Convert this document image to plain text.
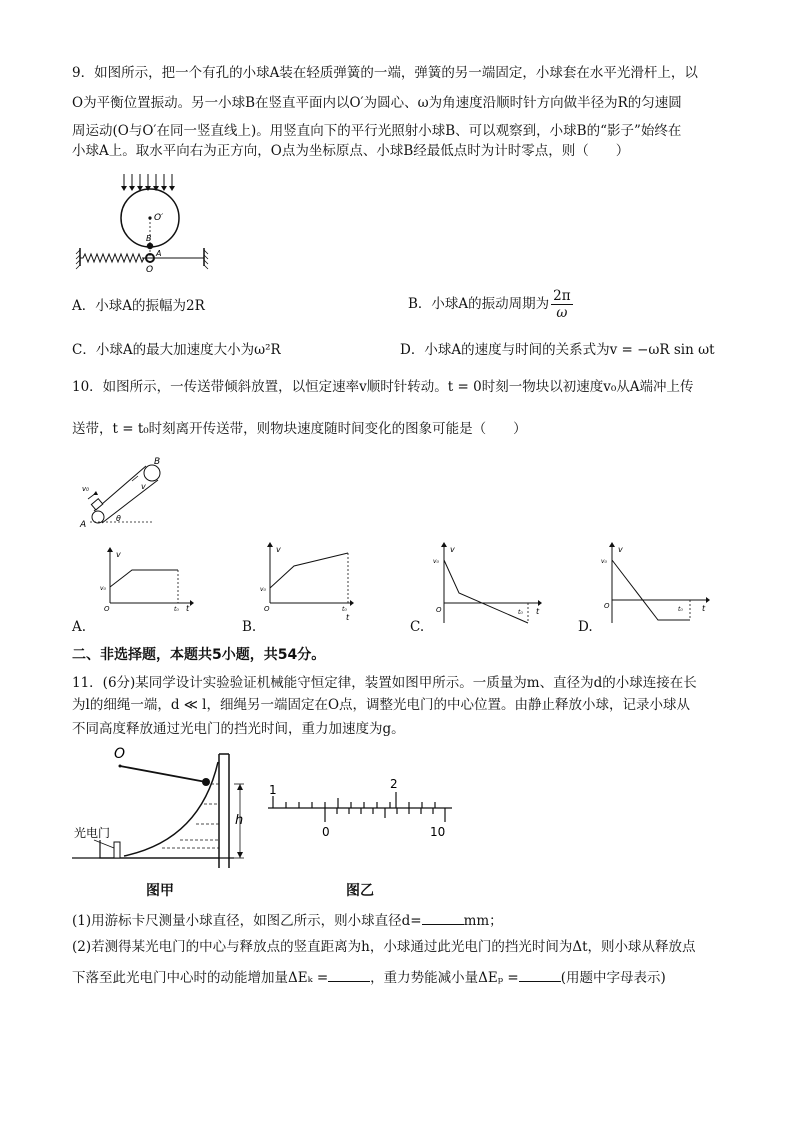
9．如图所示，把一个有孔的小球A装在轻质弹簧的一端，弹簧的另一端固定，小球套在水平光滑杆上，以
O为平衡位置振动。另一小球B在竖直平面内以O′为圆心、ω为角速度沿顺时针方向做半径为R的匀速圆
周运动(O与O′在同一竖直线上)。用竖直向下的平行光照射小球B、可以观察到，小球B的“影子”始终在
小球A上。取水平向右为正方向，O点为坐标原点、小球B经最低点时为计时零点，则（　　）
O′
B
A
O
A．小球A的振幅为2R	B．小球A的振动周期为 $\frac{2\pi}{\omega}$
C．小球A的最大加速度大小为ω²R	D．小球A的速度与时间的关系式为v = −ωR sin ωt
10．如图所示，一传送带倾斜放置，以恒定速率v顺时针转动。t = 0时刻一物块以初速度v₀从A端冲上传
送带，t = t₀时刻离开传送带，则物块速度随时间变化的图象可能是（　　）
B
v
v₀
A
θ
v
v₀
O	t₀ t
v
v₀
O	t₀
t
v
v₀
O	t₀ t
v
v₀
O	t₀ t
A.	B.	C.	D.
二、非选择题，本题共5小题，共54分。
11．(6分)某同学设计实验验证机械能守恒定律，装置如图甲所示。一质量为m、直径为d的小球连接在长
为l的细绳一端，d ≪ l，细绳另一端固定在O点，调整光电门的中心位置。由静止释放小球，记录小球从
不同高度释放通过光电门的挡光时间，重力加速度为g。
O
光电门
h
图甲
1	2
0	10
图乙
(1)用游标卡尺测量小球直径，如图乙所示，则小球直径d=	mm；
(2)若测得某光电门的中心与释放点的竖直距离为h，小球通过此光电门的挡光时间为Δt，则小球从释放点
下落至此光电门中心时的动能增加量ΔEₖ =	，重力势能减小量ΔEₚ =	(用题中字母表示)
